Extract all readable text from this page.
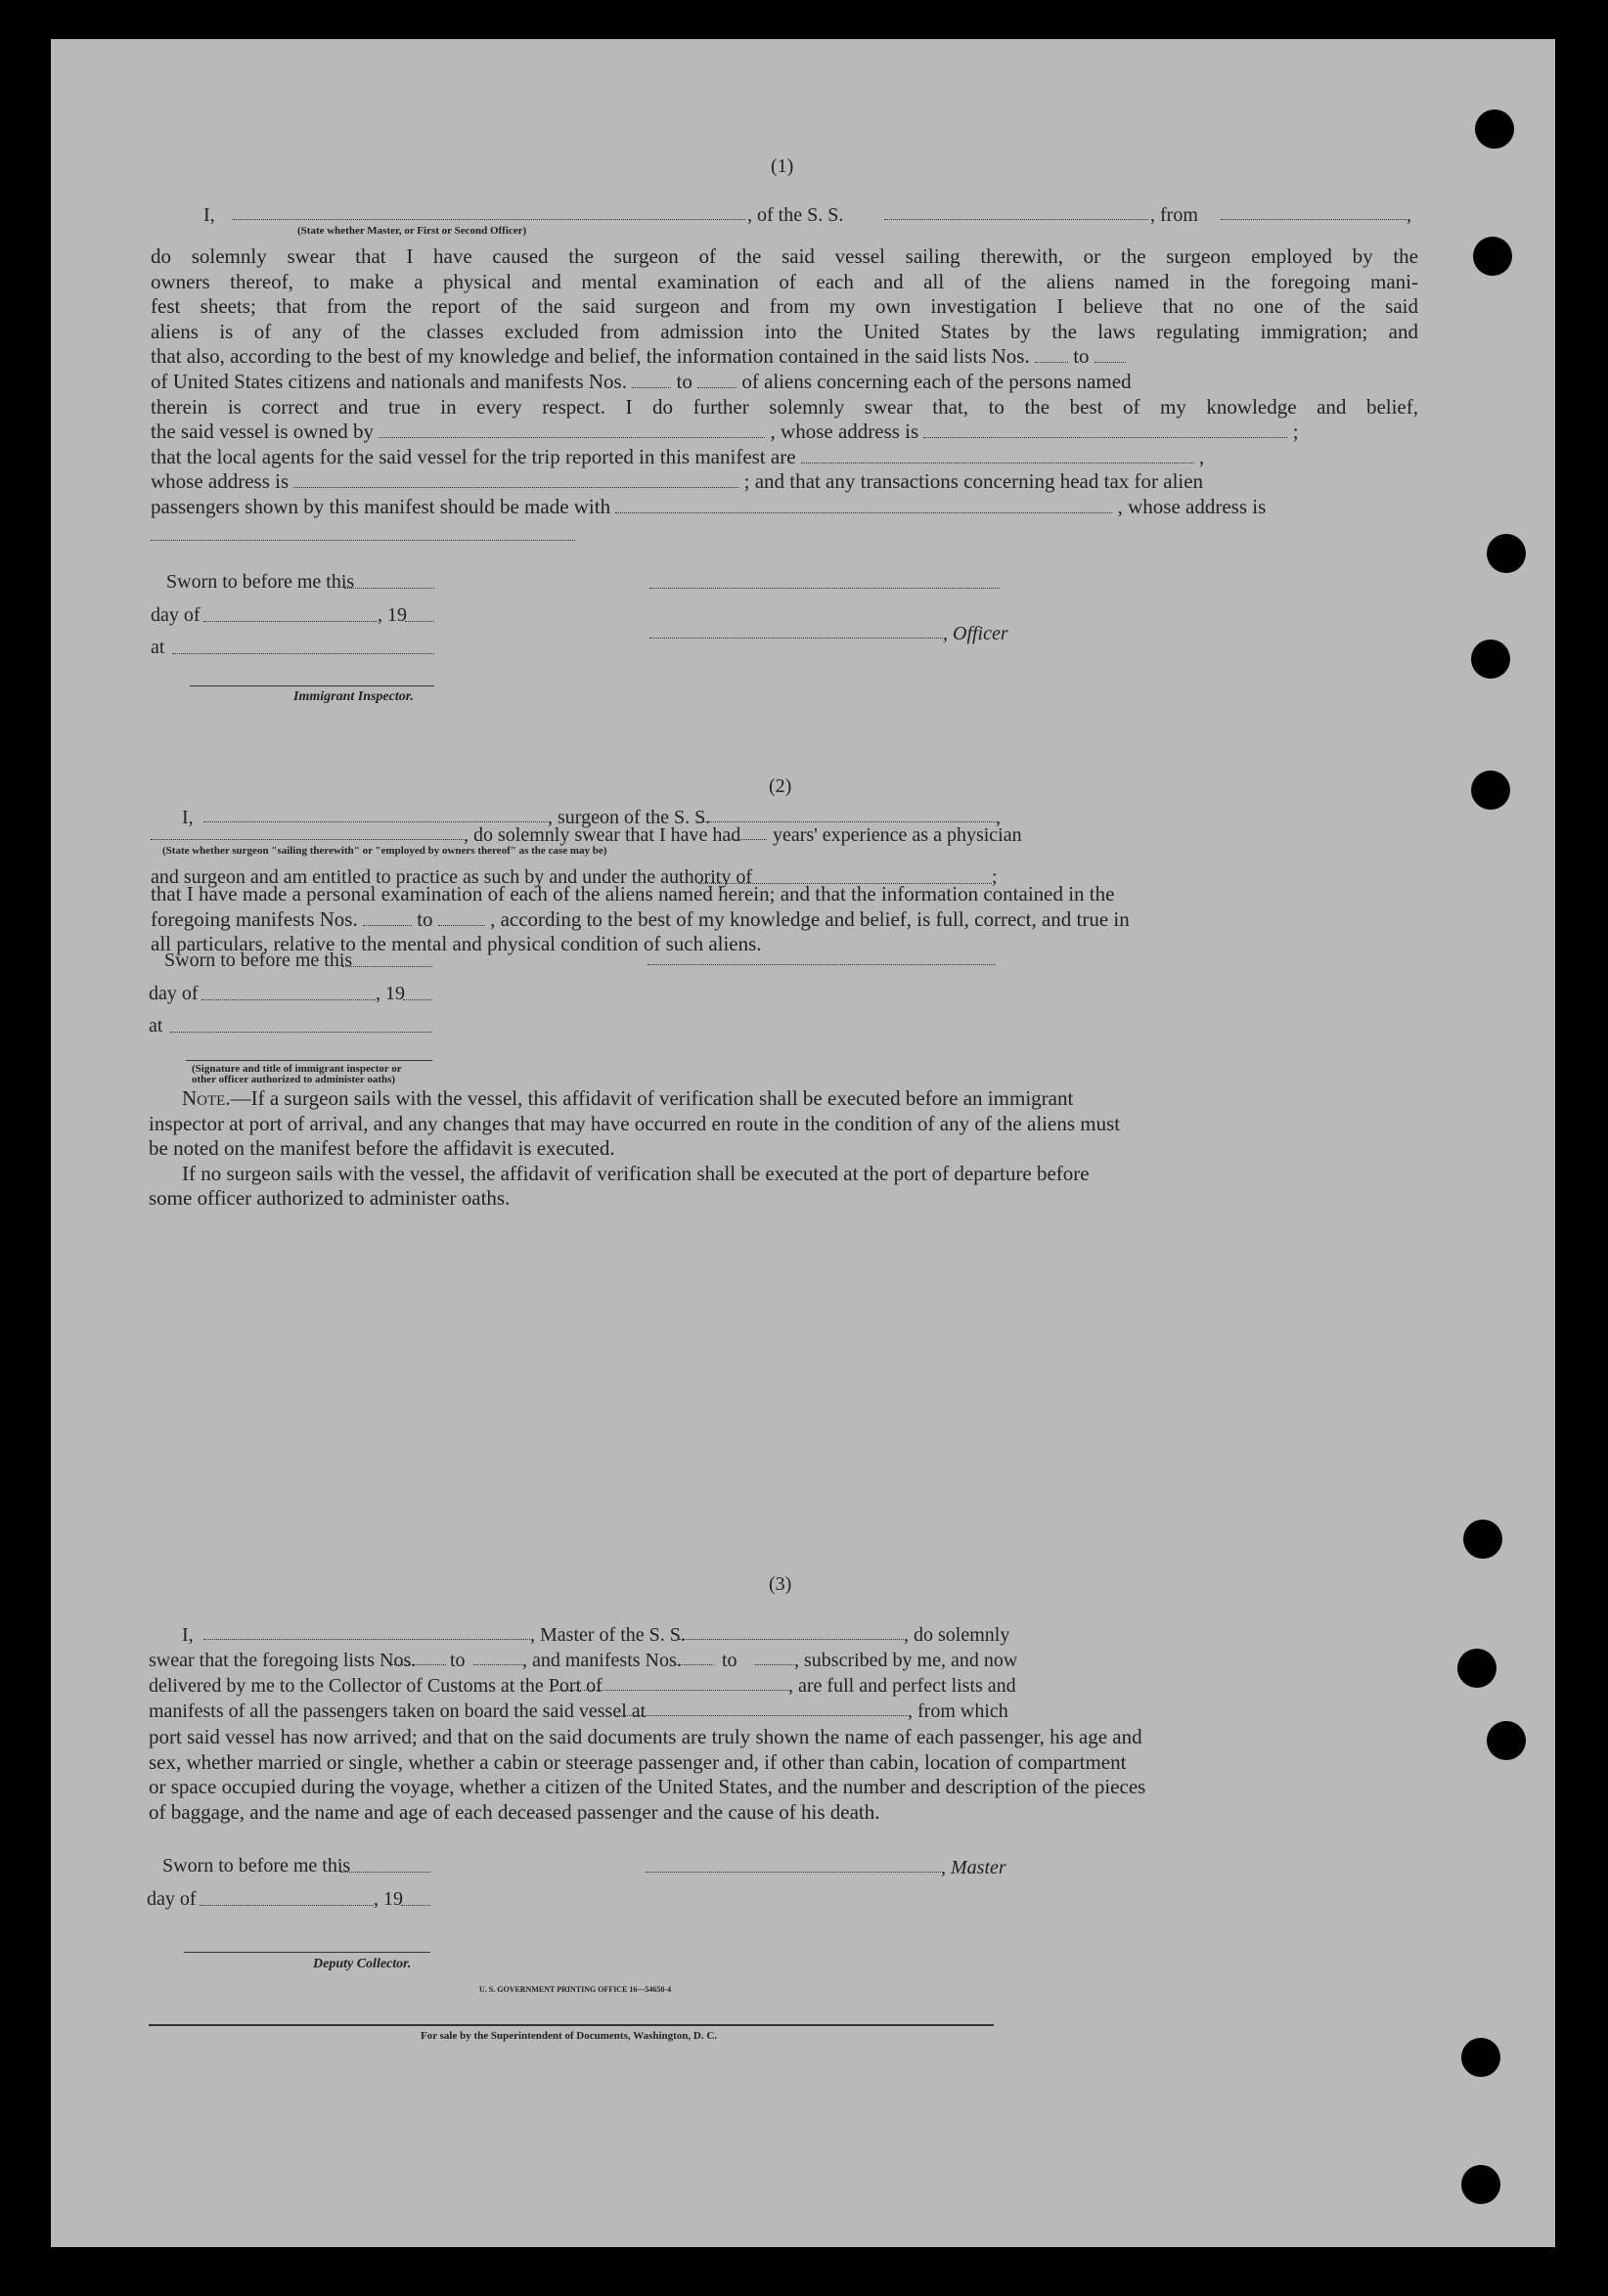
(1)
I,	, of the S. S.	, from	,
(State whether Master, or First or Second Officer)
do solemnly swear that I have caused the surgeon of the said vessel sailing therewith, or the surgeon employed by the
owners thereof, to make a physical and mental examination of each and all of the aliens named in the foregoing mani-
fest sheets; that from the report of the said surgeon and from my own investigation I believe that no one of the said
aliens is of any of the classes excluded from admission into the United States by the laws regulating immigration; and
that also, according to the best of my knowledge and belief, the information contained in the said lists Nos. to
of United States citizens and nationals and manifests Nos. to of aliens concerning each of the persons named
therein is correct and true in every respect. I do further solemnly swear that, to the best of my knowledge and belief,
the said vessel is owned by	, whose address is	;
that the local agents for the said vessel for the trip reported in this manifest are	,
whose address is	; and that any transactions concerning head tax for alien
passengers shown by this manifest should be made with	, whose address is
Sworn to before me this
day of	, 19
, Officer
at
Immigrant Inspector.
(2)
I,	, surgeon of the S. S.	,
, do solemnly swear that I have had years' experience as a physician
(State whether surgeon "sailing therewith" or "employed by owners thereof" as the case may be)
and surgeon and am entitled to practice as such by and under the authority of	;
that I have made a personal examination of each of the aliens named herein; and that the information contained in the
foregoing manifests Nos.	to	, according to the best of my knowledge and belief, is full, correct, and true in
all particulars, relative to the mental and physical condition of such aliens.
Sworn to before me this
day of	, 19
at
(Signature and title of immigrant inspector or
other officer authorized to administer oaths)
Note.—If a surgeon sails with the vessel, this affidavit of verification shall be executed before an immigrant
inspector at port of arrival, and any changes that may have occurred en route in the condition of any of the aliens must
be noted on the manifest before the affidavit is executed.
If no surgeon sails with the vessel, the affidavit of verification shall be executed at the port of departure before
some officer authorized to administer oaths.
(3)
I,	, Master of the S. S.	, do solemnly
swear that the foregoing lists Nos. to	, and manifests Nos. to	, subscribed by me, and now
delivered by me to the Collector of Customs at the Port of	, are full and perfect lists and
manifests of all the passengers taken on board the said vessel at	, from which
port said vessel has now arrived; and that on the said documents are truly shown the name of each passenger, his age and
sex, whether married or single, whether a cabin or steerage passenger and, if other than cabin, location of compartment
or space occupied during the voyage, whether a citizen of the United States, and the number and description of the pieces
of baggage, and the name and age of each deceased passenger and the cause of his death.
Sworn to before me this	, Master
day of	, 19
Deputy Collector.
U. S. GOVERNMENT PRINTING OFFICE 16—54650-4
For sale by the Superintendent of Documents, Washington, D. C.
